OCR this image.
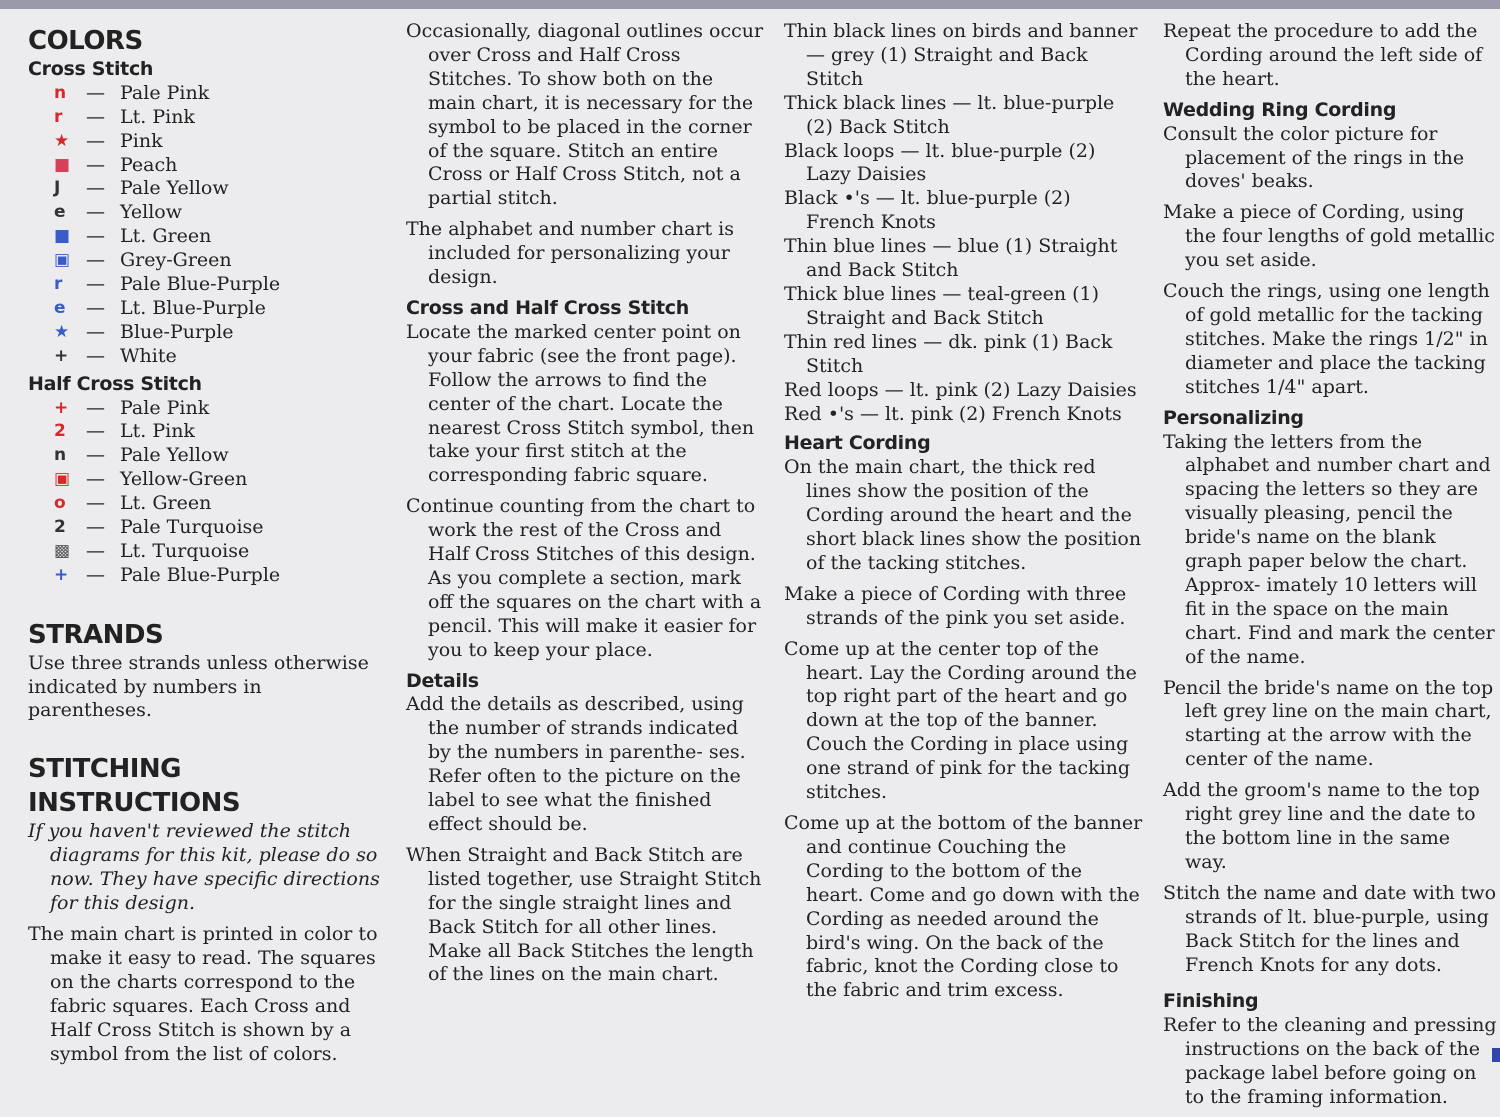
COLORS
Cross Stitch
n	— Pale Pink
r	— Lt. Pink
★ — Pink
■ — Peach
J	— Pale Yellow
e	— Yellow
■ — Lt. Green
▣ — Grey-Green
r	— Pale Blue-Purple
e	— Lt. Blue-Purple
★ — Blue-Purple
+ — White
Half Cross Stitch
+ — Pale Pink
2	— Lt. Pink
n	— Pale Yellow
▣ — Yellow-Green
o	— Lt. Green
2	— Pale Turquoise
▩ — Lt. Turquoise
+ — Pale Blue-Purple
STRANDS

Use three strands unless otherwise indicated by numbers in parentheses.

STITCHING INSTRUCTIONS

If you haven't reviewed the stitch diagrams for this kit, please do so now. They have specific directions for this design.

The main chart is printed in color to make it easy to read. The squares on the charts correspond to the fabric squares. Each Cross and Half Cross Stitch is shown by a symbol from the list of colors.

Occasionally, diagonal outlines occur over Cross and Half Cross Stitches. To show both on the main chart, it is necessary for the symbol to be placed in the corner of the square. Stitch an entire Cross or Half Cross Stitch, not a partial stitch.

The alphabet and number chart is included for personalizing your design.

Cross and Half Cross Stitch

Locate the marked center point on your fabric (see the front page). Follow the arrows to find the center of the chart. Locate the nearest Cross Stitch symbol, then take your first stitch at the corresponding fabric square.

Continue counting from the chart to work the rest of the Cross and Half Cross Stitches of this design. As you complete a section, mark off the squares on the chart with a pencil. This will make it easier for you to keep your place.

Details

Add the details as described, using the number of strands indicated by the numbers in parenthe- ses. Refer often to the picture on the label to see what the finished effect should be.

When Straight and Back Stitch are listed together, use Straight Stitch for the single straight lines and Back Stitch for all other lines. Make all Back Stitches the length of the lines on the main chart.

Thin black lines on birds and banner — grey (1) Straight and Back Stitch

Thick black lines — lt. blue-purple (2) Back Stitch

Black loops — lt. blue-purple (2) Lazy Daisies

Black •'s — lt. blue-purple (2) French Knots

Thin blue lines — blue (1) Straight and Back Stitch

Thick blue lines — teal-green (1) Straight and Back Stitch

Thin red lines — dk. pink (1) Back Stitch

Red loops — lt. pink (2) Lazy Daisies

Red •'s — lt. pink (2) French Knots

Heart Cording

On the main chart, the thick red lines show the position of the Cording around the heart and the short black lines show the position of the tacking stitches.

Make a piece of Cording with three strands of the pink you set aside.

Come up at the center top of the heart. Lay the Cording around the top right part of the heart and go down at the top of the banner. Couch the Cording in place using one strand of pink for the tacking stitches.

Come up at the bottom of the banner and continue Couching the Cording to the bottom of the heart. Come and go down with the Cording as needed around the bird's wing. On the back of the fabric, knot the Cording close to the fabric and trim excess.

Repeat the procedure to add the Cording around the left side of the heart.

Wedding Ring Cording

Consult the color picture for placement of the rings in the doves' beaks.

Make a piece of Cording, using the four lengths of gold metallic you set aside.

Couch the rings, using one length of gold metallic for the tacking stitches. Make the rings 1/2" in diameter and place the tacking stitches 1/4" apart.

Personalizing

Taking the letters from the alphabet and number chart and spacing the letters so they are visually pleasing, pencil the bride's name on the blank graph paper below the chart. Approx- imately 10 letters will fit in the space on the main chart. Find and mark the center of the name.

Pencil the bride's name on the top left grey line on the main chart, starting at the arrow with the center of the name.

Add the groom's name to the top right grey line and the date to the bottom line in the same way.

Stitch the name and date with two strands of lt. blue-purple, using Back Stitch for the lines and French Knots for any dots.

Finishing

Refer to the cleaning and pressing instructions on the back of the package label before going on to the framing information.
